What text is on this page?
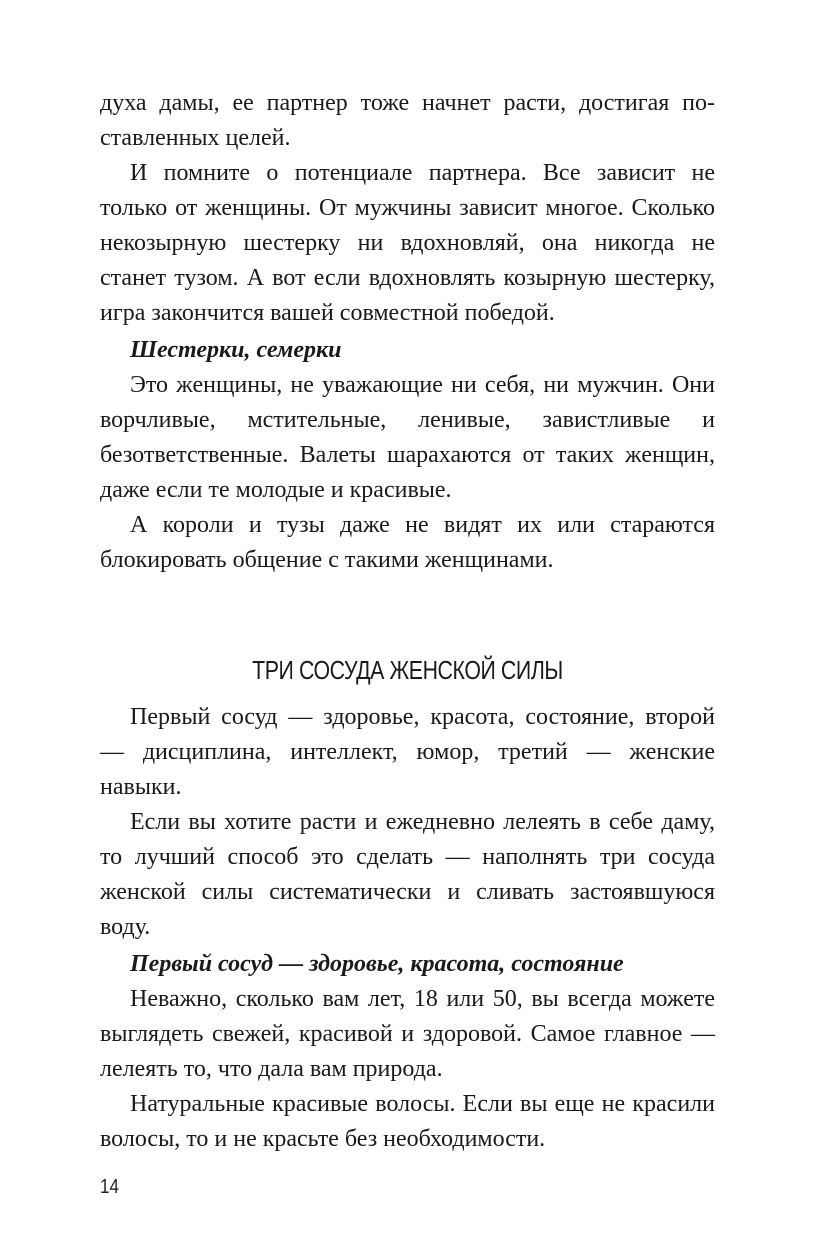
духа дамы, ее партнер тоже начнет расти, достигая поставленных целей.

И помните о потенциале партнера. Все зависит не только от женщины. От мужчины зависит многое. Сколько некозырную шестерку ни вдохновляй, она никогда не станет тузом. А вот если вдохновлять козырную шестерку, игра закончится вашей совместной победой.

Шестерки, семерки

Это женщины, не уважающие ни себя, ни мужчин. Они ворчливые, мстительные, ленивые, завистливые и безответственные. Валеты шарахаются от таких женщин, даже если те молодые и красивые.

А короли и тузы даже не видят их или стараются блокировать общение с такими женщинами.

ТРИ СОСУДА ЖЕНСКОЙ СИЛЫ

Первый сосуд — здоровье, красота, состояние, второй — дисциплина, интеллект, юмор, третий — женские навыки.

Если вы хотите расти и ежедневно лелеять в себе даму, то лучший способ это сделать — наполнять три сосуда женской силы систематически и сливать застоявшуюся воду.

Первый сосуд — здоровье, красота, состояние

Неважно, сколько вам лет, 18 или 50, вы всегда можете выглядеть свежей, красивой и здоровой. Самое главное — лелеять то, что дала вам природа.

Натуральные красивые волосы. Если вы еще не красили волосы, то и не красьте без необходимости.

14
